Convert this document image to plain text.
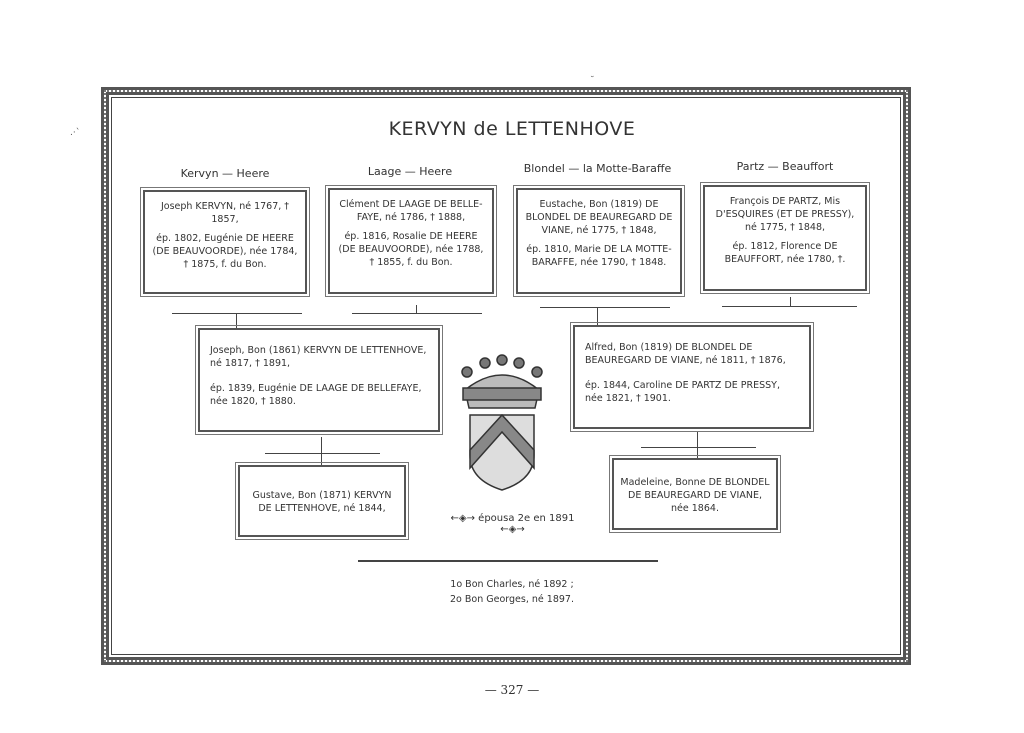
.·`
˘
KERVYN de LETTENHOVE
Kervyn — Heere	Laage — Heere	Blondel — la Motte-Baraffe	Partz — Beauffort

Joseph KERVYN, né 1767, † 1857,

ép. 1802, Eugénie DE HEERE (DE BEAUVOORDE), née 1784, † 1875, f. du Bon.

Clément DE LAAGE DE BELLE-FAYE, né 1786, † 1888,

ép. 1816, Rosalie DE HEERE (DE BEAUVOORDE), née 1788, † 1855, f. du Bon.

Eustache, Bon (1819) DE BLONDEL DE BEAUREGARD DE VIANE, né 1775, † 1848,

ép. 1810, Marie DE LA MOTTE-BARAFFE, née 1790, † 1848.

François DE PARTZ, Mis D'ESQUIRES (ET DE PRESSY), né 1775, † 1848,

ép. 1812, Florence DE BEAUFFORT, née 1780, †.

Joseph, Bon (1861) KERVYN DE LETTENHOVE, né 1817, † 1891,

ép. 1839, Eugénie DE LAAGE DE BELLEFAYE, née 1820, † 1880.

Alfred, Bon (1819) DE BLONDEL DE BEAUREGARD DE VIANE, né 1811, † 1876,

ép. 1844, Caroline DE PARTZ DE PRESSY, née 1821, † 1901.

Gustave, Bon (1871) KERVYN DE LETTENHOVE, né 1844,

Madeleine, Bonne DE BLONDEL DE BEAUREGARD DE VIANE, née 1864.

←◈→ épousa 2e en 1891 ←◈→
1o Bon Charles, né 1892 ;
2o Bon Georges, né 1897.
— 327 —
